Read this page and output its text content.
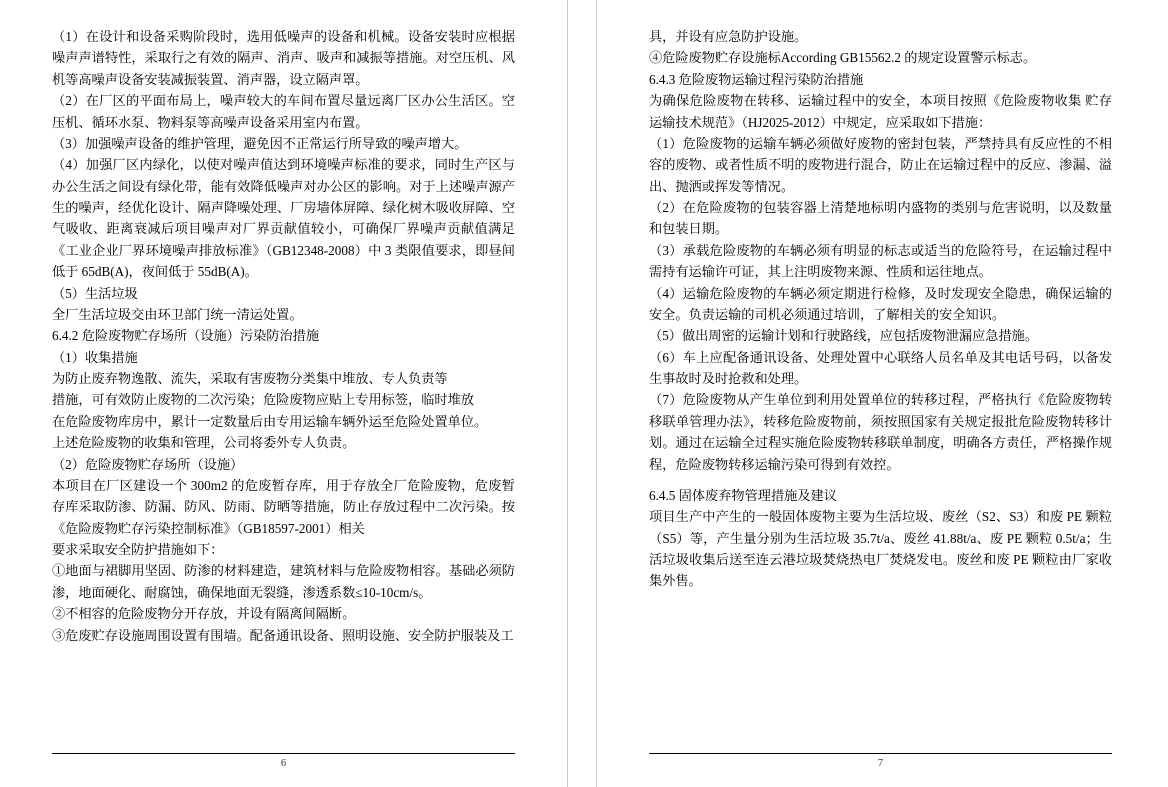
（1）在设计和设备采购阶段时，选用低噪声的设备和机械。设备安装时应根据噪声声谱特性，采取行之有效的隔声、消声、吸声和减振等措施。对空压机、风机等高噪声设备安装减振装置、消声器，设立隔声罩。

（2）在厂区的平面布局上，噪声较大的车间布置尽量远离厂区办公生活区。空压机、循环水泵、物料泵等高噪声设备采用室内布置。

（3）加强噪声设备的维护管理，避免因不正常运行所导致的噪声增大。

（4）加强厂区内绿化，以使对噪声值达到环境噪声标准的要求，同时生产区与办公生活之间设有绿化带，能有效降低噪声对办公区的影响。对于上述噪声源产生的噪声，经优化设计、隔声降噪处理、厂房墙体屏障、绿化树木吸收屏障、空气吸收、距离衰减后项目噪声对厂界贡献值较小，可确保厂界噪声贡献值满足《工业企业厂界环境噪声排放标准》（GB12348-2008）中 3 类限值要求，即昼间低于 65dB(A)，夜间低于 55dB(A)。

（5）生活垃圾

全厂生活垃圾交由环卫部门统一清运处置。

6.4.2 危险废物贮存场所（设施）污染防治措施

（1）收集措施

为防止废弃物逸散、流失，采取有害废物分类集中堆放、专人负责等

措施，可有效防止废物的二次污染；危险废物应贴上专用标签，临时堆放

在危险废物库房中，累计一定数量后由专用运输车辆外运至危险处置单位。

上述危险废物的收集和管理，公司将委外专人负责。

（2）危险废物贮存场所（设施）

本项目在厂区建设一个 300m2 的危废暂存库，用于存放全厂危险废物，危废暂存库采取防渗、防漏、防风、防雨、防晒等措施，防止存放过程中二次污染。按《危险废物贮存污染控制标准》（GB18597-2001）相关

要求采取安全防护措施如下：

①地面与裙脚用坚固、防渗的材料建造，建筑材料与危险废物相容。基础必须防渗，地面硬化、耐腐蚀，确保地面无裂缝，渗透系数≤10-10cm/s。

②不相容的危险废物分开存放，并设有隔离间隔断。

③危废贮存设施周围设置有围墙。配备通讯设备、照明设施、安全防护服装及工

6

具，并设有应急防护设施。

④危险废物贮存设施标According GB15562.2 的规定设置警示标志。

6.4.3 危险废物运输过程污染防治措施

为确保危险废物在转移、运输过程中的安全，本项目按照《危险废物收集 贮存 运输技术规范》（HJ2025-2012）中规定，应采取如下措施：

（1）危险废物的运输车辆必须做好废物的密封包装，严禁持具有反应性的不相容的废物、或者性质不明的废物进行混合，防止在运输过程中的反应、渗漏、溢出、抛洒或挥发等情况。

（2）在危险废物的包装容器上清楚地标明内盛物的类别与危害说明，以及数量和包装日期。

（3）承载危险废物的车辆必须有明显的标志或适当的危险符号，在运输过程中需持有运输许可证，其上注明废物来源、性质和运往地点。

（4）运输危险废物的车辆必须定期进行检修，及时发现安全隐患，确保运输的安全。负责运输的司机必须通过培训，了解相关的安全知识。

（5）做出周密的运输计划和行驶路线，应包括废物泄漏应急措施。

（6）车上应配备通讯设备、处理处置中心联络人员名单及其电话号码，以备发生事故时及时抢救和处理。

（7）危险废物从产生单位到利用处置单位的转移过程，严格执行《危险废物转移联单管理办法》，转移危险废物前，须按照国家有关规定报批危险废物转移计划。通过在运输全过程实施危险废物转移联单制度，明确各方责任，严格操作规程，危险废物转移运输污染可得到有效控。

6.4.5 固体废弃物管理措施及建议

项目生产中产生的一般固体废物主要为生活垃圾、废丝（S2、S3）和废 PE 颗粒（S5）等，产生量分别为生活垃圾 35.7t/a、废丝 41.88t/a、废 PE 颗粒 0.5t/a；生活垃圾收集后送至连云港垃圾焚烧热电厂焚烧发电。废丝和废 PE 颗粒由厂家收集外售。

7
